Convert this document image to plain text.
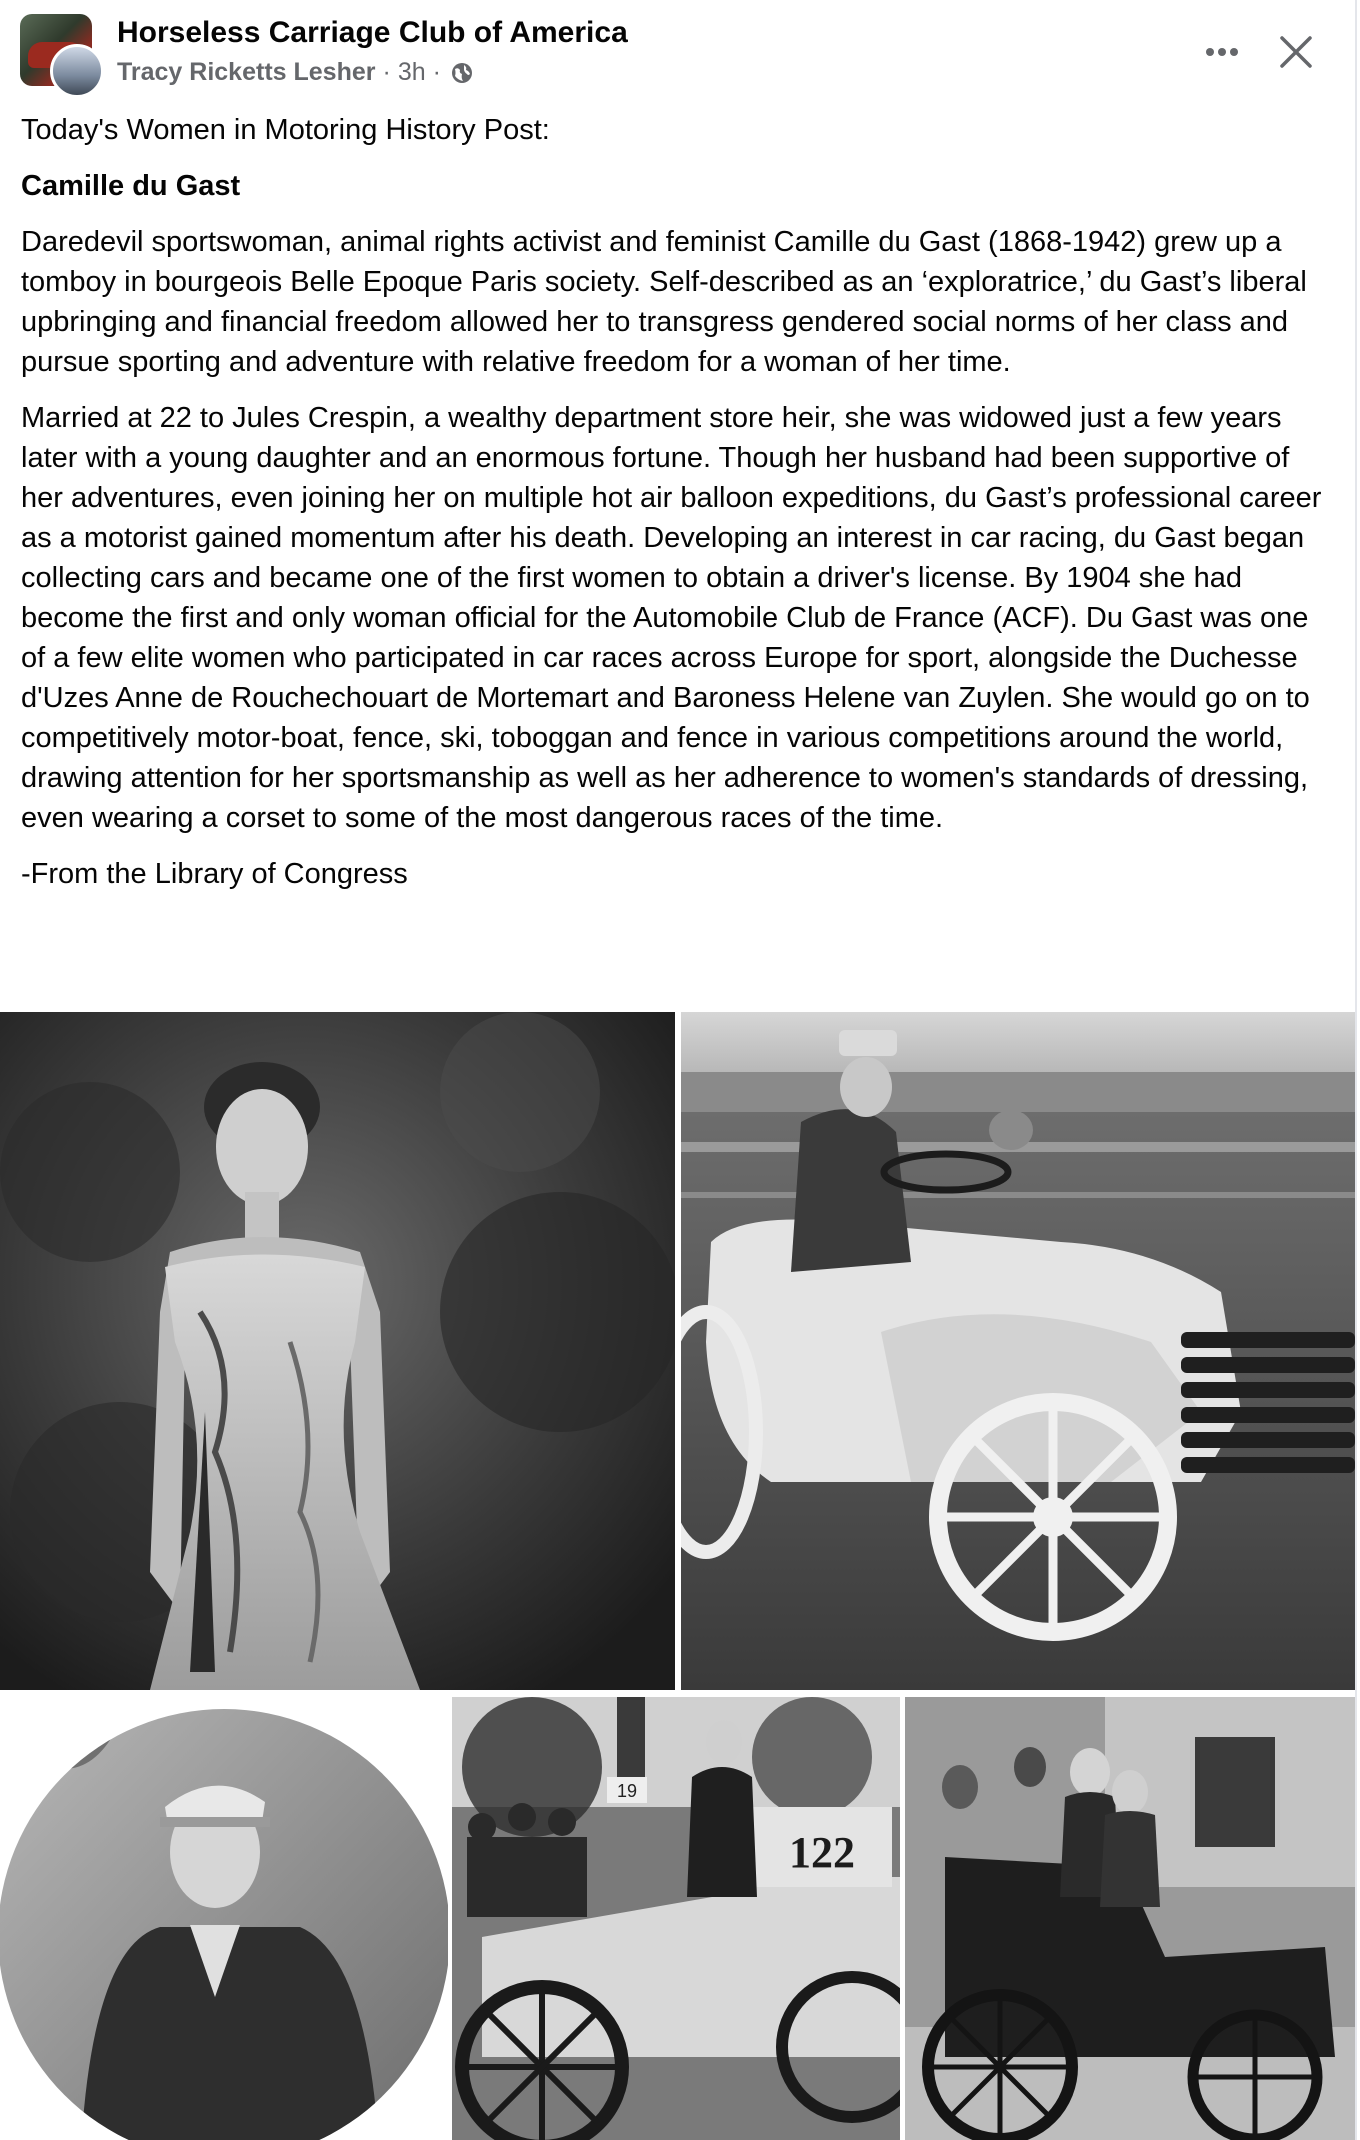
Horseless Carriage Club of America
Tracy Ricketts Lesher · 3h ·

Today's Women in Motoring History Post:

Camille du Gast

Daredevil sportswoman, animal rights activist and feminist Camille du Gast (1868-1942) grew up a tomboy in bourgeois Belle Epoque Paris society. Self-described as an ‘exploratrice,’ du Gast’s liberal upbringing and financial freedom allowed her to transgress gendered social norms of her class and pursue sporting and adventure with relative freedom for a woman of her time.

Married at 22 to Jules Crespin, a wealthy department store heir, she was widowed just a few years later with a young daughter and an enormous fortune. Though her husband had been supportive of her adventures, even joining her on multiple hot air balloon expeditions, du Gast’s professional career as a motorist gained momentum after his death. Developing an interest in car racing, du Gast began collecting cars and became one of the first women to obtain a driver's license. By 1904 she had become the first and only woman official for the Automobile Club de France (ACF). Du Gast was one of a few elite women who participated in car races across Europe for sport, alongside the Duchesse d'Uzes Anne de Rouchechouart de Mortemart and Baroness Helene van Zuylen. She would go on to competitively motor-boat, fence, ski, toboggan and fence in various competitions around the world, drawing attention for her sportsmanship as well as her adherence to women's standards of dressing, even wearing a corset to some of the most dangerous races of the time.

-From the Library of Congress

19
122
